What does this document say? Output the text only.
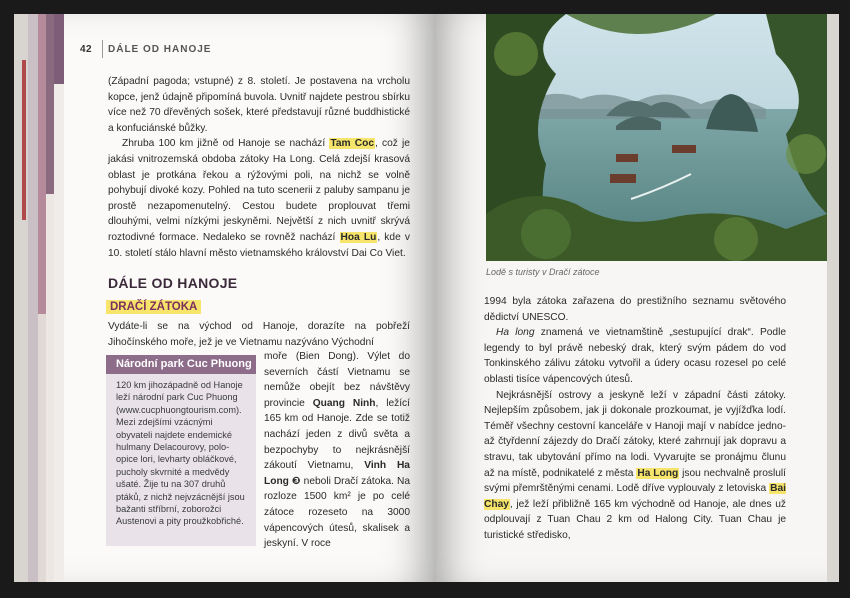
42 DÁLE OD HANOJE
(Západní pagoda; vstupné) z 8. století. Je postavena na vrcholu kopce, jenž údajně připomíná buvola. Uvnitř najdete pestrou sbírku více než 70 dřevěných sošek, které představují různé buddhistické a konfuciánské bůžky.
Zhruba 100 km jižně od Hanoje se nachází Tam Coc, což je jakási vnitrozemská obdoba zátoky Ha Long. Celá zdejší krasová oblast je protkána řekou a rýžovými poli, na nichž se volně pohybují divoké kozy. Pohled na tuto scenerii z paluby sampanu je prostě nezapomenutelný. Cestou budete proplouvat třemi dlouhými, velmi nízkými jeskyněmi. Největší z nich uvnitř skrývá roztodivné formace. Nedaleko se rovněž nachází Hoa Lu, kde v 10. století stálo hlavní město vietnamského království Dai Co Viet.
DÁLE OD HANOJE
DRAČÍ ZÁTOKA
Vydáte-li se na východ od Hanoje, dorazíte na pobřeží Jihočínského moře, jež je ve Vietnamu nazýváno Východní
Národní park Cuc Phuong
120 km jihozápadně od Hanoje leží národní park Cuc Phuong (www.cucphuongtourism.com). Mezi zdejšími vzácnými obyvateli najdete endemické hulmany Delacourovy, polo-opice lori, levharty obláčkové, pucholy skvrnité a medvědy ušaté. Žije tu na 307 druhů ptáků, z nichž nejvzácnější jsou bažanti stříbrní, zoborožci Austenovi a pity proužkobřiché.
moře (Bien Dong). Výlet do severních částí Vietnamu se nemůže obejít bez návštěvy provincie Quang Ninh, ležící 165 km od Hanoje. Zde se totiž nachází jeden z divů světa a bezpochyby to nejkrásnější zákoutí Vietnamu, Vinh Ha Long ❸ neboli Dračí zátoka. Na rozloze 1500 km² je po celé zátoce rozeseto na 3000 vápencových útesů, skalisek a jeskyní. V roce
Lodě s turisty v Dračí zátoce
1994 byla zátoka zařazena do prestižního seznamu světového dědictví UNESCO.
Ha long znamená ve vietnamštině „sestupující drak“. Podle legendy to byl právě nebeský drak, který svým pádem do vod Tonkinského zálivu zátoku vytvořil a údery ocasu rozesel po celé oblasti tisíce vápencových útesů.
Nejkrásnější ostrovy a jeskyně leží v západní části zátoky. Nejlepším způsobem, jak ji dokonale prozkoumat, je vyjížďka lodí. Téměř všechny cestovní kanceláře v Hanoji mají v nabídce jedno- až čtyřdenní zájezdy do Dračí zátoky, které zahrnují jak dopravu a stravu, tak ubytování přímo na lodi. Vyvarujte se pronájmu člunu až na místě, podnikatelé z města Ha Long jsou nechvalně proslulí svými přemrštěnými cenami. Lodě dříve vyplouvaly z letoviska Bai Chay, jež leží přibližně 165 km východně od Hanoje, ale dnes už odplouvají z Tuan Chau 2 km od Halong City. Tuan Chau je turistické středisko,
